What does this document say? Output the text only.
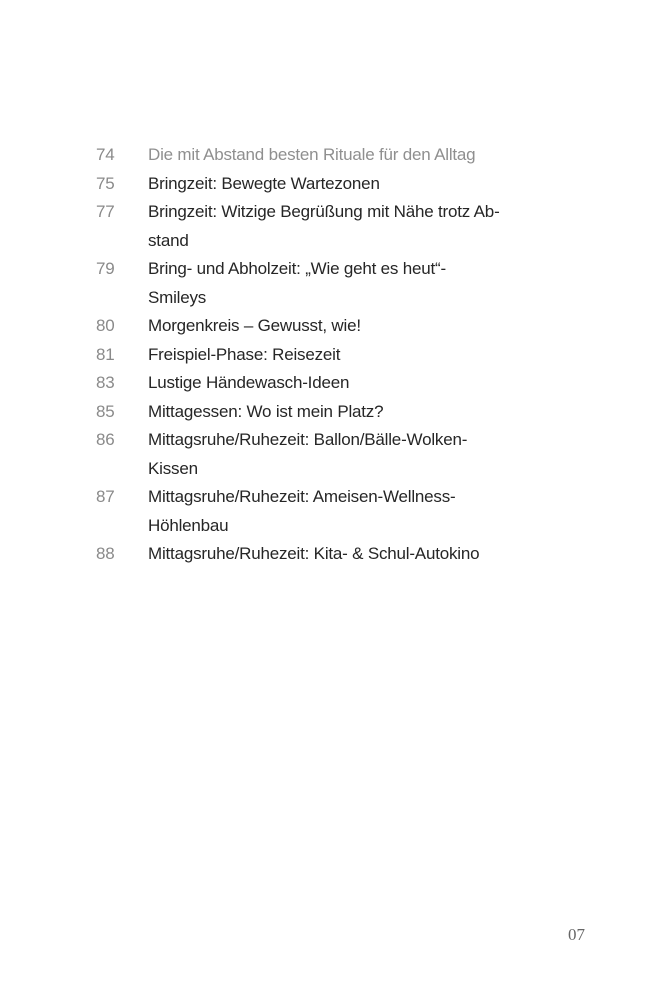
74	Die mit Abstand besten Rituale für den Alltag
75	Bringzeit: Bewegte Wartezonen
77	Bringzeit: Witzige Begrüßung mit Nähe trotz Ab-
stand
79	Bring- und Abholzeit: „Wie geht es heut“-
Smileys
80	Morgenkreis – Gewusst, wie!
81	Freispiel-Phase: Reisezeit
83	Lustige Händewasch-Ideen
85	Mittagessen: Wo ist mein Platz?
86	Mittagsruhe/Ruhezeit: Ballon/Bälle-Wolken-
Kissen
87	Mittagsruhe/Ruhezeit: Ameisen-Wellness-
Höhlenbau
88	Mittagsruhe/Ruhezeit: Kita- & Schul-Autokino
07
